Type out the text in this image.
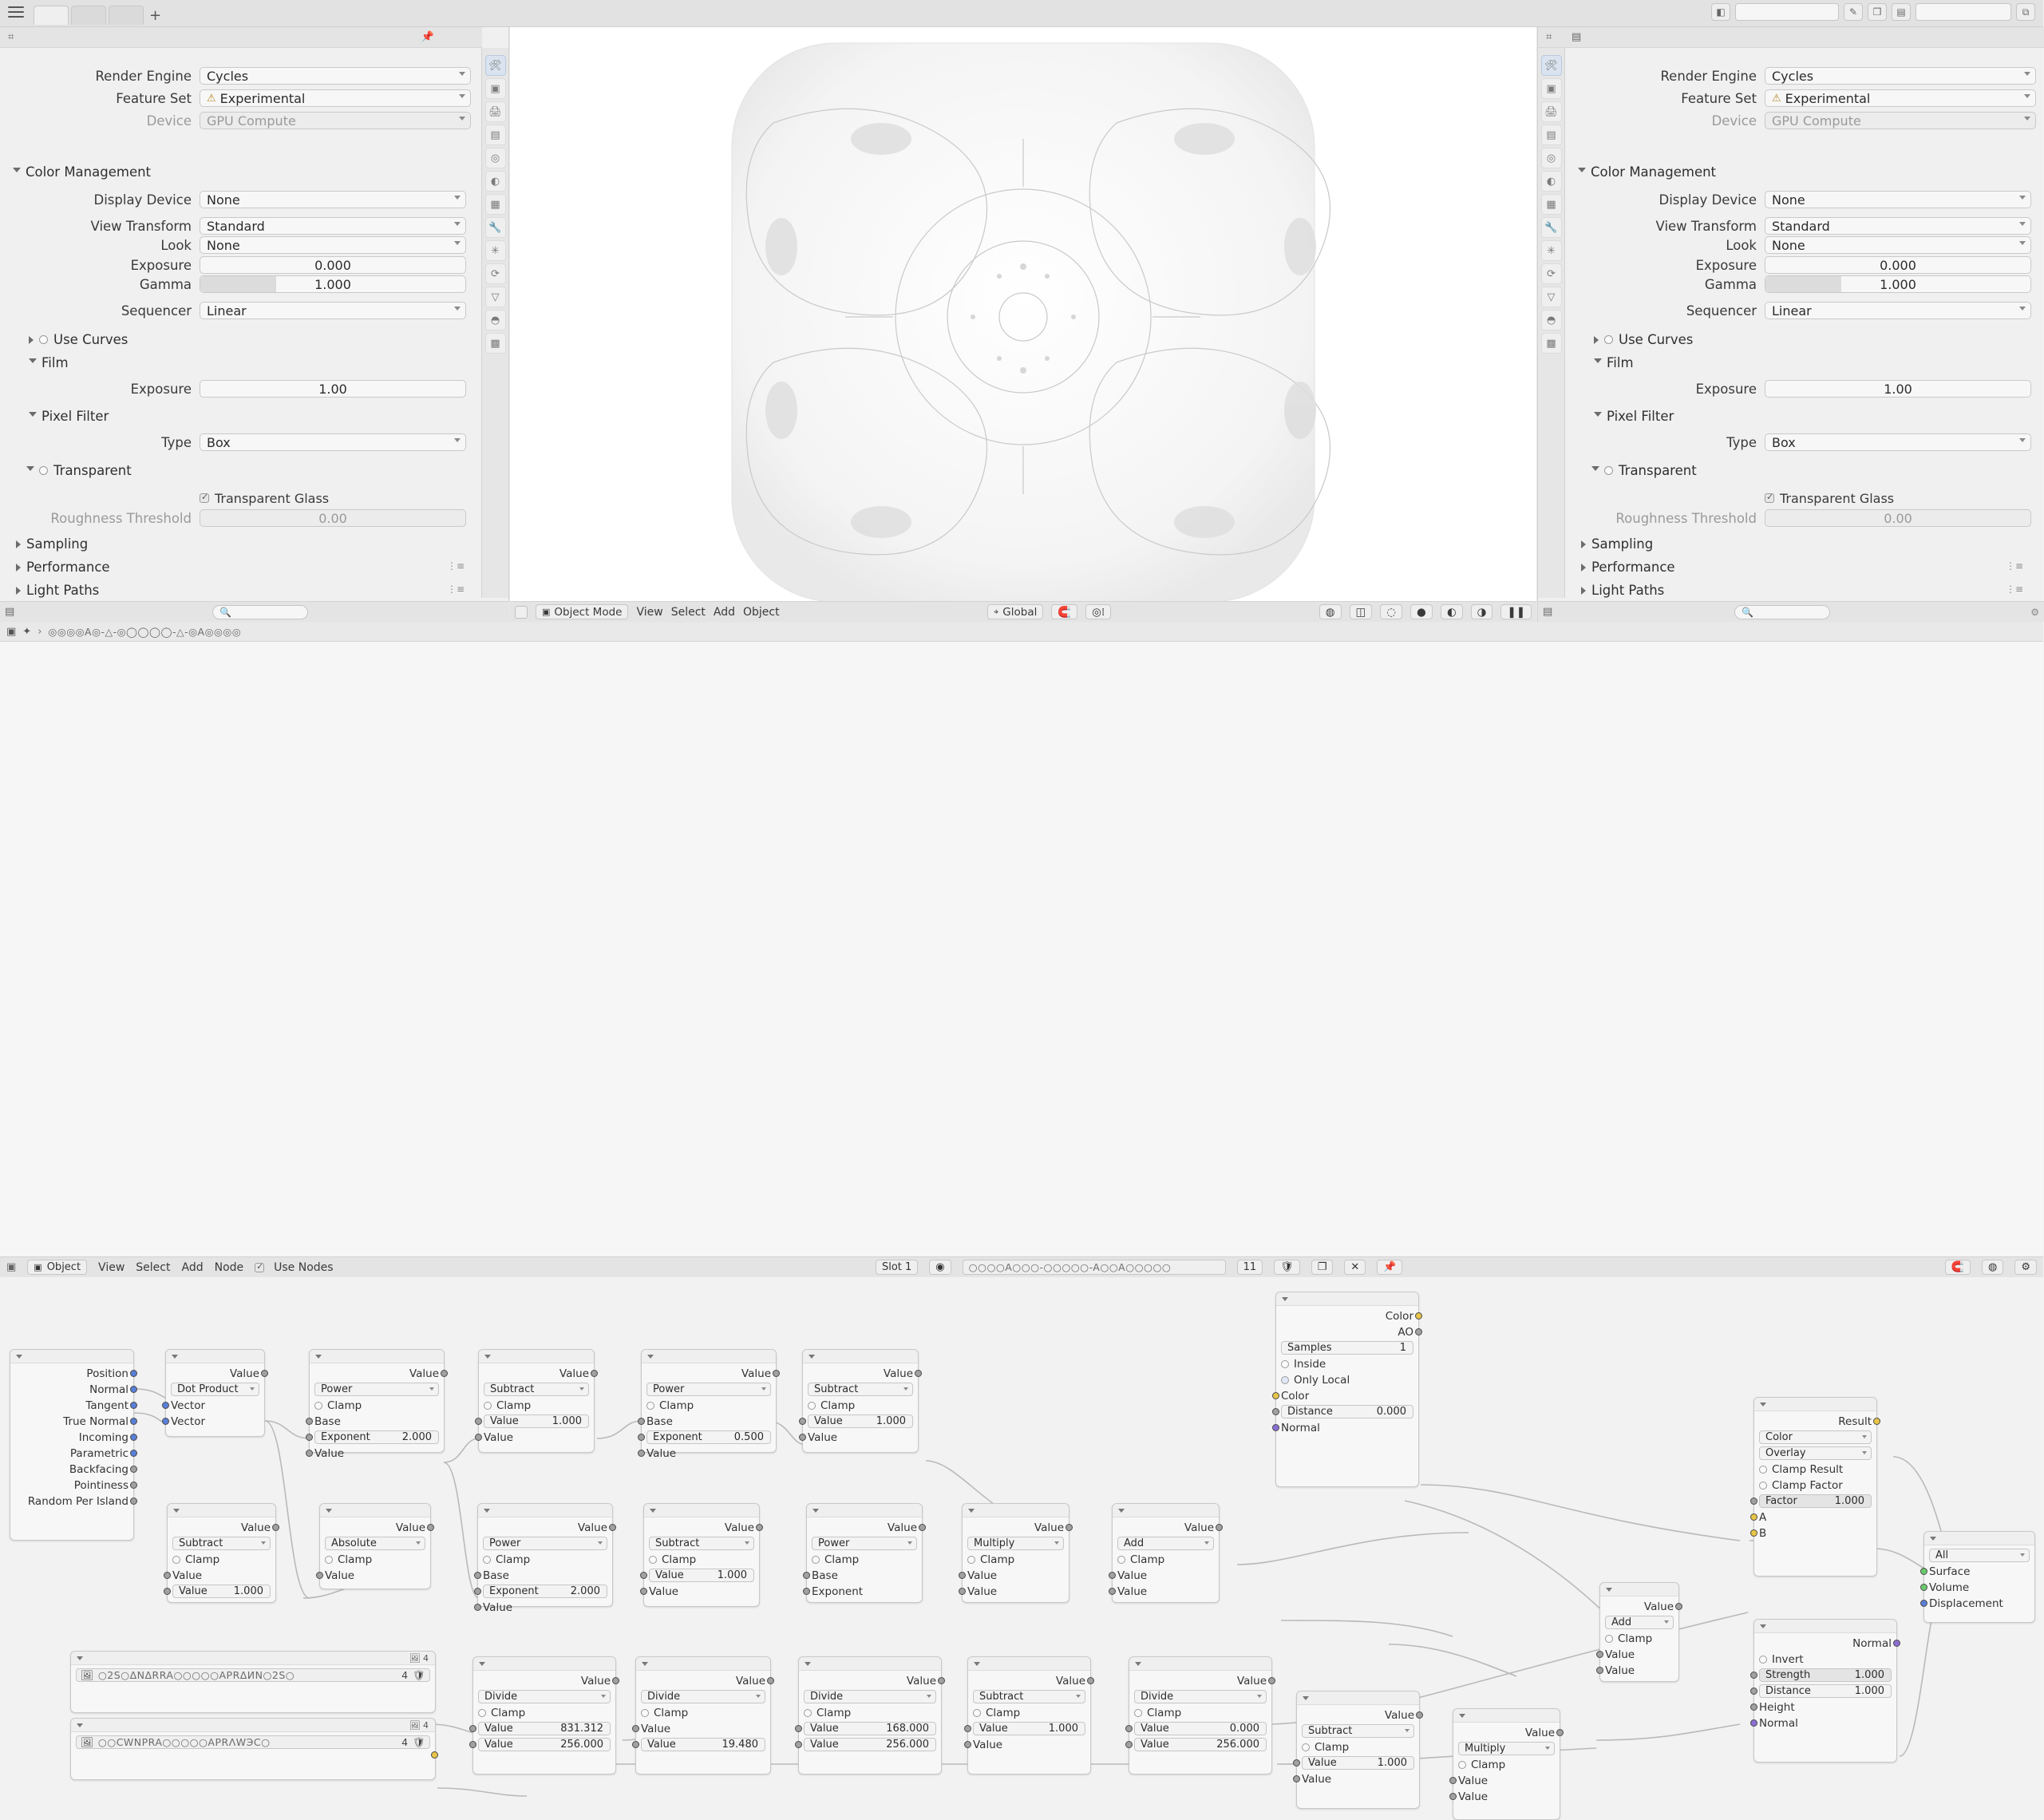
+	◧	✎	❐	▤	⧉
⌗	📌
🛠
▣
🖨
▤
◎
◐
▦
🔧
✳
⟳
▽
◓
▩
Render Engine	Cycles
Feature Set	⚠ Experimental
Device	GPU Compute
Color Management
Display Device	None
View Transform	Standard
Look	None
Exposure	0.000
Gamma	1.000
Sequencer	Linear
Use Curves
Film
Exposure	1.00
Pixel Filter
Type	Box
Transparent
✓
Transparent Glass
Roughness Threshold	0.00
Sampling
Performance	⋮≡
Light Paths	⋮≡
▤	🔍	▣ Object Mode View Select Add Object	⌖ Global	🧲	◎⁞	◍	◫	◌	●	◐	◑	❚❚
⌗ ▤
🛠
▣
🖨
▤
◎
◐
▦
🔧
✳
⟳
▽
◓
▩
Render Engine	Cycles
Feature Set	⚠ Experimental
Device	GPU Compute
Color Management
Display Device	None
View Transform	Standard
Look	None
Exposure	0.000
Gamma	1.000
Sequencer	Linear
Use Curves
Film
Exposure	1.00
Pixel Filter
Type	Box
Transparent
✓
Transparent Glass
Roughness Threshold	0.00
Sampling
Performance	⋮≡
Light Paths	⋮≡
▤	🔍	⚙
▣ ✦ › ◎◎◎◎A◎-△-◎◯◯◯◯-△-◎A◎◎◎◎
Position
Normal
Tangent
True Normal
Incoming
Parametric
Backfacing
Pointiness
Random Per Island
Value
Dot Product
Vector
Vector
Value
Power
Clamp
Base
Exponent	2.000
Value
Value
Subtract
Clamp
Value	1.000
Value
Value
Power
Clamp
Base
Exponent	0.500
Value
Value
Subtract
Clamp
Value	1.000
Value
Value
Subtract
Clamp
Value
Value	1.000
Value
Absolute
Clamp
Value
Value
Power
Clamp
Base
Exponent	2.000
Value
Value
Subtract
Clamp
Value	1.000
Value
Value
Power
Clamp
Base
Exponent
Value
Multiply
Clamp
Value
Value
Value
Add
Clamp
Value
Value
Color
AO
Samples	1
Inside
Only Local
Color
Distance	0.000
Normal	Result
Color
Overlay
Clamp Result
Clamp Factor
Factor	1.000
A
B
Value
Add
Clamp
Value
Value
Normal
Invert
Strength	1.000
Distance	1.000
Height
Normal
All
Surface
Volume
Displacement
🖼 4
🖼 ○2S○ΔNΔRRA○○○○○AРRΔИN○2S○	4 🛡
🖼 4
🖼 ○○CWNРRA○○○○○AРRΛWЭC○	4 🛡
Value
Divide
Clamp
Value	831.312
Value	256.000
Value
Divide
Clamp
Value
Value	19.480
Value
Divide
Clamp
Value	168.000
Value	256.000
Value
Subtract
Clamp
Value	1.000
Value
Value
Divide
Clamp
Value	0.000
Value	256.000
Value
Subtract
Clamp
Value	1.000
Value
Value
Multiply
Clamp
Value
Value
▣ ▣ Object View Select Add Node ✓	Use Nodes	Slot 1	◉	○○○○A○○○-○○○○○-A○○A○○○○○	11	🛡	❐	✕	📌	🧲	◍	⚙
